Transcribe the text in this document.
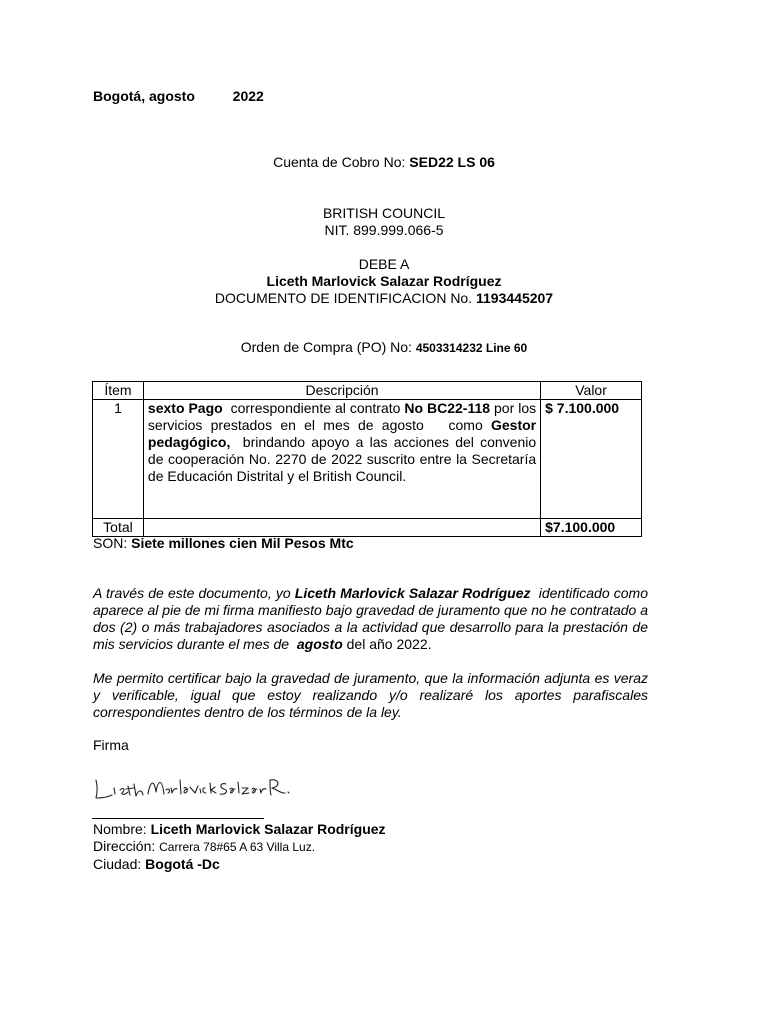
Bogotá, agosto	2022
Cuenta de Cobro No: SED22 LS 06
BRITISH COUNCIL
NIT. 899.999.066-5
DEBE A
Liceth Marlovick Salazar Rodríguez
DOCUMENTO DE IDENTIFICACION No. 1193445207
Orden de Compra (PO) No: 4503314232 Line 60
Ítem	Descripción	Valor
1	sexto Pago  correspondiente al contrato No BC22-118 por los servicios prestados en el mes de agosto   como Gestor pedagógico,  brindando apoyo a las acciones del convenio de cooperación No. 2270 de 2022 suscrito entre la Secretaría de Educación Distrital y el British Council.	$ 7.100.000
Total		$7.100.000
SON: Siete millones cien Mil Pesos Mtc
A través de este documento, yo Liceth Marlovick Salazar Rodríguez  identificado como aparece al pie de mi firma manifiesto bajo gravedad de juramento que no he contratado a dos (2) o más trabajadores asociados a la actividad que desarrollo para la prestación de mis servicios durante el mes de  agosto del año 2022.
Me permito certificar bajo la gravedad de juramento, que la información adjunta es veraz y verificable, igual que estoy realizando y/o realizaré los aportes parafiscales correspondientes dentro de los términos de la ley.
Firma
Nombre: Liceth Marlovick Salazar Rodríguez
Dirección: Carrera 78#65 A 63 Villa Luz.
Ciudad: Bogotá -Dc
